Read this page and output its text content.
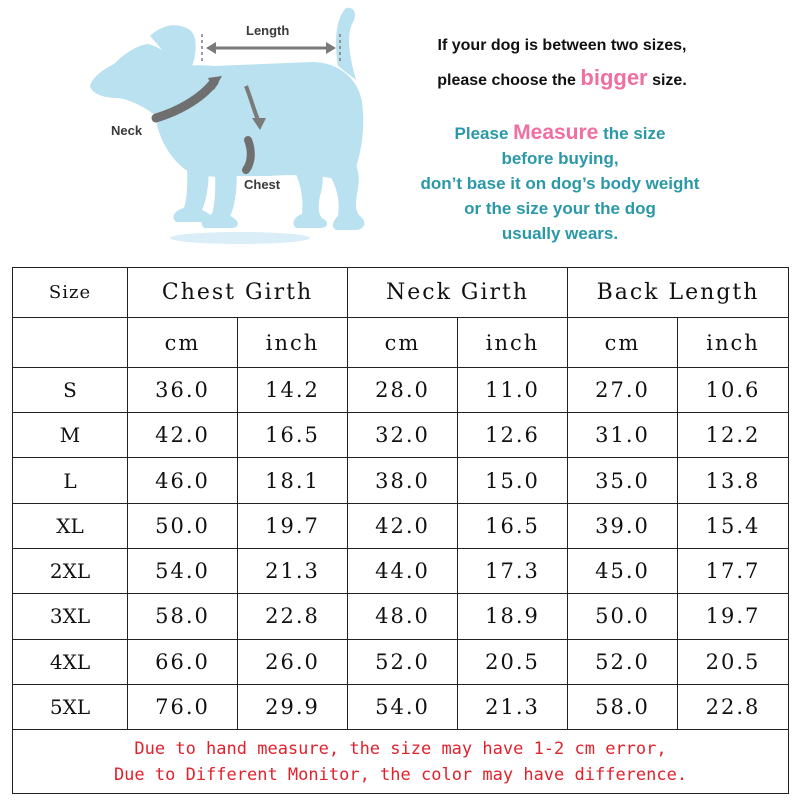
Length
Neck
Chest
If your dog is between two sizes,
please choose the bigger size.
Please Measure the size
before buying,
don’t base it on dog’s body weight
or the size your the dog
usually wears.
Size	Chest Girth		Neck Girth		Back Length	
	cm	inch	cm	inch	cm	inch
S	36.0	14.2	28.0	11.0	27.0	10.6
M	42.0	16.5	32.0	12.6	31.0	12.2
L	46.0	18.1	38.0	15.0	35.0	13.8
XL	50.0	19.7	42.0	16.5	39.0	15.4
2XL	54.0	21.3	44.0	17.3	45.0	17.7
3XL	58.0	22.8	48.0	18.9	50.0	19.7
4XL	66.0	26.0	52.0	20.5	52.0	20.5
5XL	76.0	29.9	54.0	21.3	58.0	22.8

Due to hand measure, the size may have 1-2 cm error,
Due to Different Monitor, the color may have difference.						
